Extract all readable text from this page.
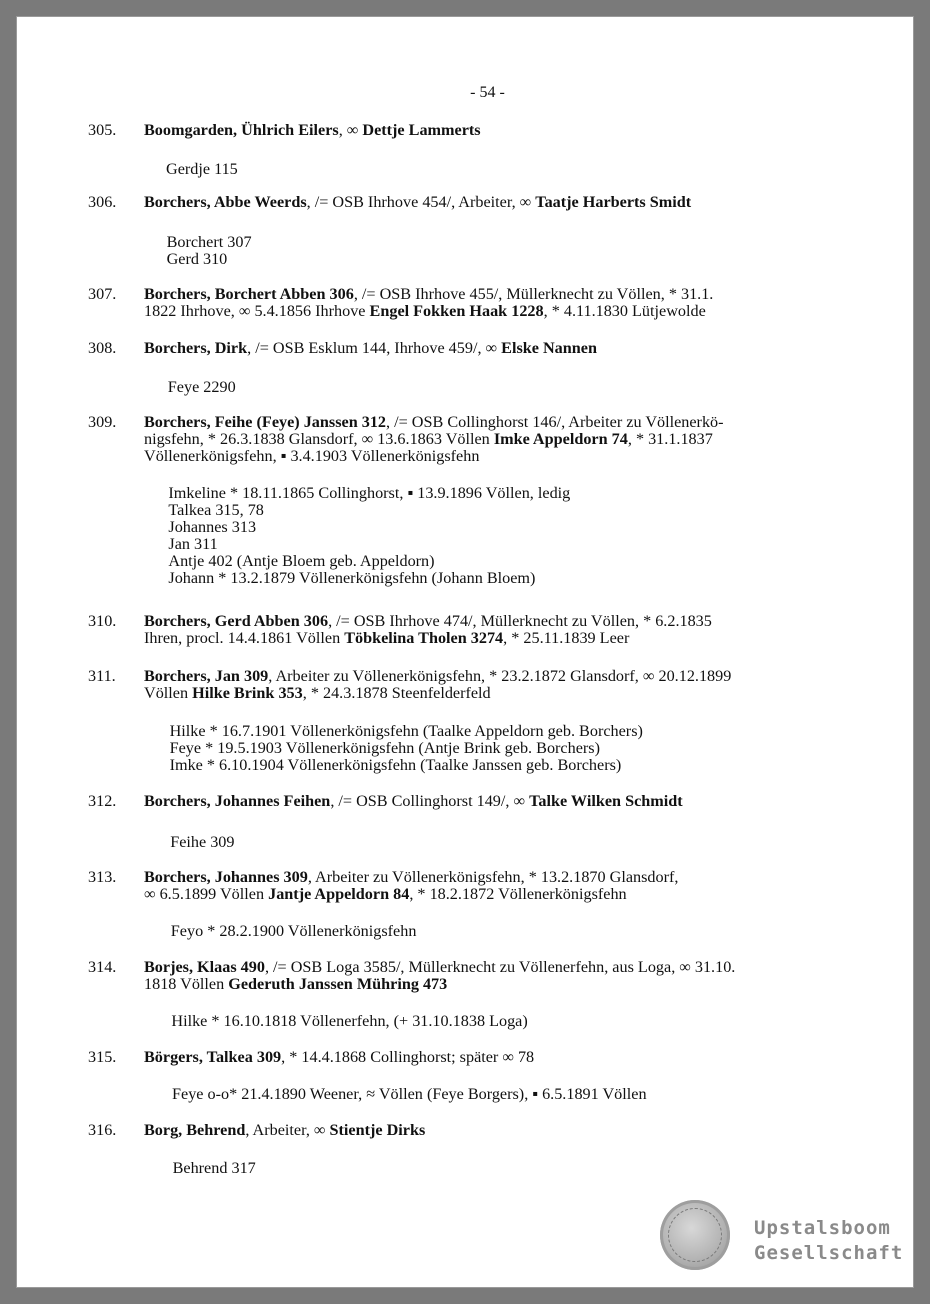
- 54 -
305.	Boomgarden, Ühlrich Eilers, ∞ Dettje Lammerts
Gerdje 115
306.	Borchers, Abbe Weerds, /= OSB Ihrhove 454/, Arbeiter, ∞ Taatje Harberts Smidt
Borchert 307
Gerd 310
307.	Borchers, Borchert Abben 306, /= OSB Ihrhove 455/, Müllerknecht zu Völlen, * 31.1.
1822 Ihrhove, ∞ 5.4.1856 Ihrhove Engel Fokken Haak 1228, * 4.11.1830 Lütjewolde
308.	Borchers, Dirk, /= OSB Esklum 144, Ihrhove 459/, ∞ Elske Nannen
Feye 2290
309.	Borchers, Feihe (Feye) Janssen 312, /= OSB Collinghorst 146/, Arbeiter zu Völlenerkö-
nigsfehn, * 26.3.1838 Glansdorf, ∞ 13.6.1863 Völlen Imke Appeldorn 74, * 31.1.1837
Völlenerkönigsfehn, ▪ 3.4.1903 Völlenerkönigsfehn
Imkeline * 18.11.1865 Collinghorst, ▪ 13.9.1896 Völlen, ledig
Talkea 315, 78
Johannes 313
Jan 311
Antje 402 (Antje Bloem geb. Appeldorn)
Johann * 13.2.1879 Völlenerkönigsfehn (Johann Bloem)
310.	Borchers, Gerd Abben 306, /= OSB Ihrhove 474/, Müllerknecht zu Völlen, * 6.2.1835
Ihren, procl. 14.4.1861 Völlen Töbkelina Tholen 3274, * 25.11.1839 Leer
311.	Borchers, Jan 309, Arbeiter zu Völlenerkönigsfehn, * 23.2.1872 Glansdorf, ∞ 20.12.1899
Völlen Hilke Brink 353, * 24.3.1878 Steenfelderfeld
Hilke * 16.7.1901 Völlenerkönigsfehn (Taalke Appeldorn geb. Borchers)
Feye * 19.5.1903 Völlenerkönigsfehn (Antje Brink geb. Borchers)
Imke * 6.10.1904 Völlenerkönigsfehn (Taalke Janssen geb. Borchers)
312.	Borchers, Johannes Feihen, /= OSB Collinghorst 149/, ∞ Talke Wilken Schmidt
Feihe 309
313.	Borchers, Johannes 309, Arbeiter zu Völlenerkönigsfehn, * 13.2.1870 Glansdorf,
∞ 6.5.1899 Völlen Jantje Appeldorn 84, * 18.2.1872 Völlenerkönigsfehn
Feyo * 28.2.1900 Völlenerkönigsfehn
314.	Borjes, Klaas 490, /= OSB Loga 3585/, Müllerknecht zu Völlenerfehn, aus Loga, ∞ 31.10.
1818 Völlen Gederuth Janssen Mühring 473
Hilke * 16.10.1818 Völlenerfehn, (+ 31.10.1838 Loga)
315.	Börgers, Talkea 309, * 14.4.1868 Collinghorst; später ∞ 78
Feye o-o* 21.4.1890 Weener, ≈ Völlen (Feye Borgers), ▪ 6.5.1891 Völlen
316.	Borg, Behrend, Arbeiter, ∞ Stientje Dirks
Behrend 317
Upstalsboom
Gesellschaft
